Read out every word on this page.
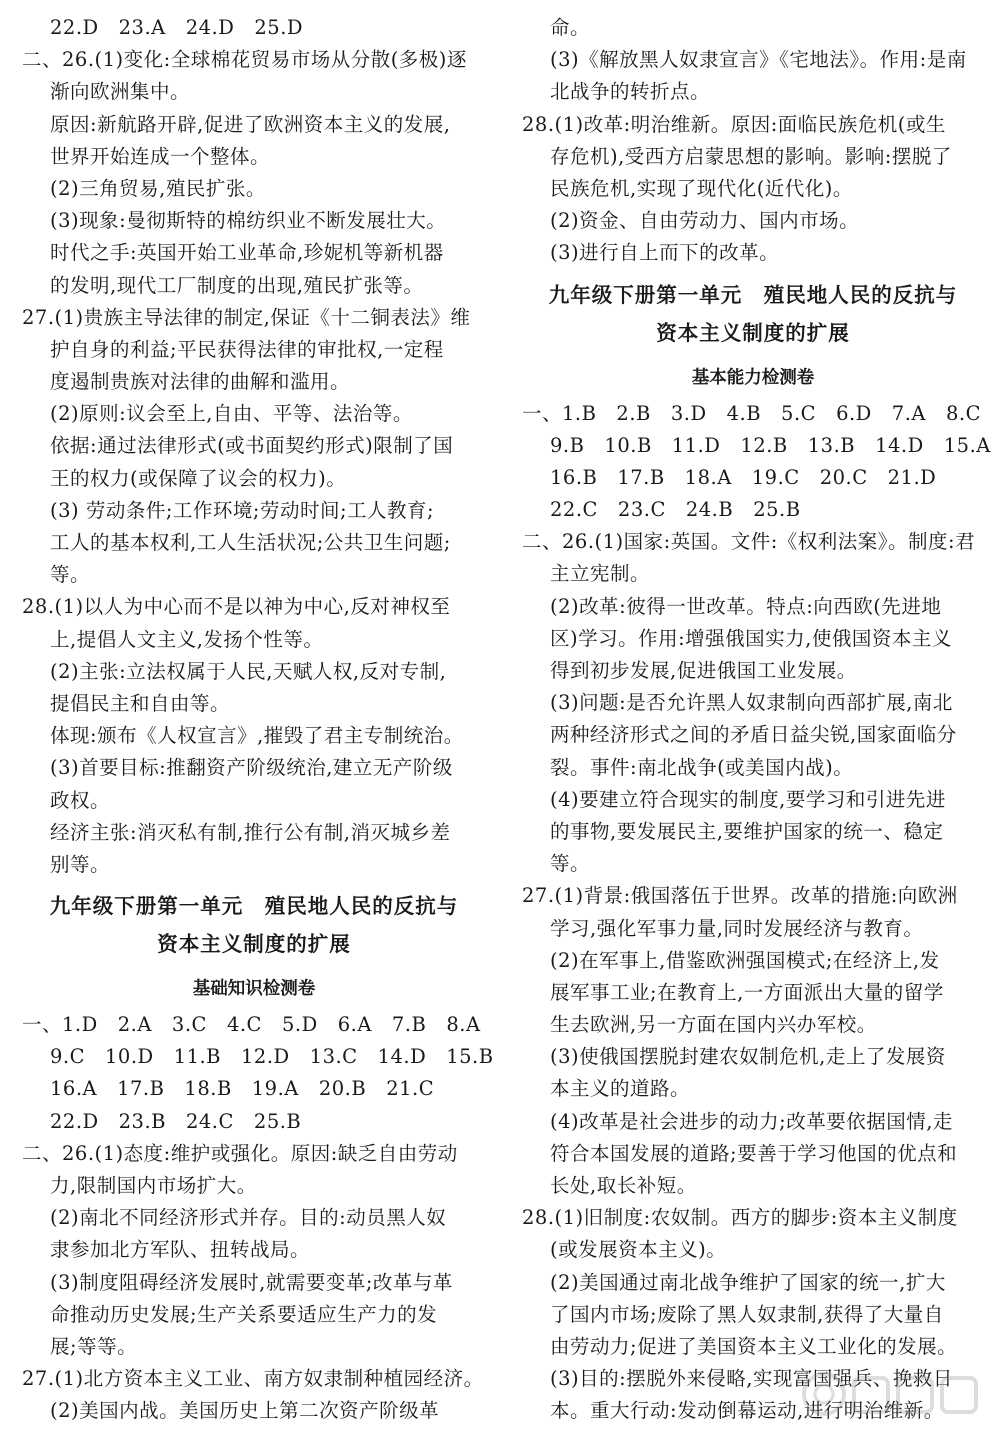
22.D　23.A　24.D　25.D
二、26.(1)变化:全球棉花贸易市场从分散(多极)逐
渐向欧洲集中。
原因:新航路开辟,促进了欧洲资本主义的发展,
世界开始连成一个整体。
(2)三角贸易,殖民扩张。
(3)现象:曼彻斯特的棉纺织业不断发展壮大。
时代之手:英国开始工业革命,珍妮机等新机器
的发明,现代工厂制度的出现,殖民扩张等。
27.(1)贵族主导法律的制定,保证《十二铜表法》维
护自身的利益;平民获得法律的审批权,一定程
度遏制贵族对法律的曲解和滥用。
(2)原则:议会至上,自由、平等、法治等。
依据:通过法律形式(或书面契约形式)限制了国
王的权力(或保障了议会的权力)。
(3) 劳动条件;工作环境;劳动时间;工人教育;
工人的基本权利,工人生活状况;公共卫生问题;
等。
28.(1)以人为中心而不是以神为中心,反对神权至
上,提倡人文主义,发扬个性等。
(2)主张:立法权属于人民,天赋人权,反对专制,
提倡民主和自由等。
体现:颁布《人权宣言》,摧毁了君主专制统治。
(3)首要目标:推翻资产阶级统治,建立无产阶级
政权。
经济主张:消灭私有制,推行公有制,消灭城乡差
别等。
九年级下册第一单元　殖民地人民的反抗与
资本主义制度的扩展
基础知识检测卷
一、1.D　2.A　3.C　4.C　5.D　6.A　7.B　8.A
9.C　10.D　11.B　12.D　13.C　14.D　15.B
16.A　17.B　18.B　19.A　20.B　21.C
22.D　23.B　24.C　25.B
二、26.(1)态度:维护或强化。原因:缺乏自由劳动
力,限制国内市场扩大。
(2)南北不同经济形式并存。目的:动员黑人奴
隶参加北方军队、扭转战局。
(3)制度阻碍经济发展时,就需要变革;改革与革
命推动历史发展;生产关系要适应生产力的发
展;等等。
27.(1)北方资本主义工业、南方奴隶制种植园经济。
(2)美国内战。美国历史上第二次资产阶级革
命。
(3)《解放黑人奴隶宣言》《宅地法》。作用:是南
北战争的转折点。
28.(1)改革:明治维新。原因:面临民族危机(或生
存危机),受西方启蒙思想的影响。影响:摆脱了
民族危机,实现了现代化(近代化)。
(2)资金、自由劳动力、国内市场。
(3)进行自上而下的改革。
九年级下册第一单元　殖民地人民的反抗与
资本主义制度的扩展
基本能力检测卷
一、1.B　2.B　3.D　4.B　5.C　6.D　7.A　8.C
9.B　10.B　11.D　12.B　13.B　14.D　15.A
16.B　17.B　18.A　19.C　20.C　21.D
22.C　23.C　24.B　25.B
二、26.(1)国家:英国。文件:《权利法案》。制度:君
主立宪制。
(2)改革:彼得一世改革。特点:向西欧(先进地
区)学习。作用:增强俄国实力,使俄国资本主义
得到初步发展,促进俄国工业发展。
(3)问题:是否允许黑人奴隶制向西部扩展,南北
两种经济形式之间的矛盾日益尖锐,国家面临分
裂。事件:南北战争(或美国内战)。
(4)要建立符合现实的制度,要学习和引进先进
的事物,要发展民主,要维护国家的统一、稳定
等。
27.(1)背景:俄国落伍于世界。改革的措施:向欧洲
学习,强化军事力量,同时发展经济与教育。
(2)在军事上,借鉴欧洲强国模式;在经济上,发
展军事工业;在教育上,一方面派出大量的留学
生去欧洲,另一方面在国内兴办军校。
(3)使俄国摆脱封建农奴制危机,走上了发展资
本主义的道路。
(4)改革是社会进步的动力;改革要依据国情,走
符合本国发展的道路;要善于学习他国的优点和
长处,取长补短。
28.(1)旧制度:农奴制。西方的脚步:资本主义制度
(或发展资本主义)。
(2)美国通过南北战争维护了国家的统一,扩大
了国内市场;废除了黑人奴隶制,获得了大量自
由劳动力;促进了美国资本主义工业化的发展。
(3)目的:摆脱外来侵略,实现富国强兵、挽救日
本。重大行动:发动倒幕运动,进行明治维新。
